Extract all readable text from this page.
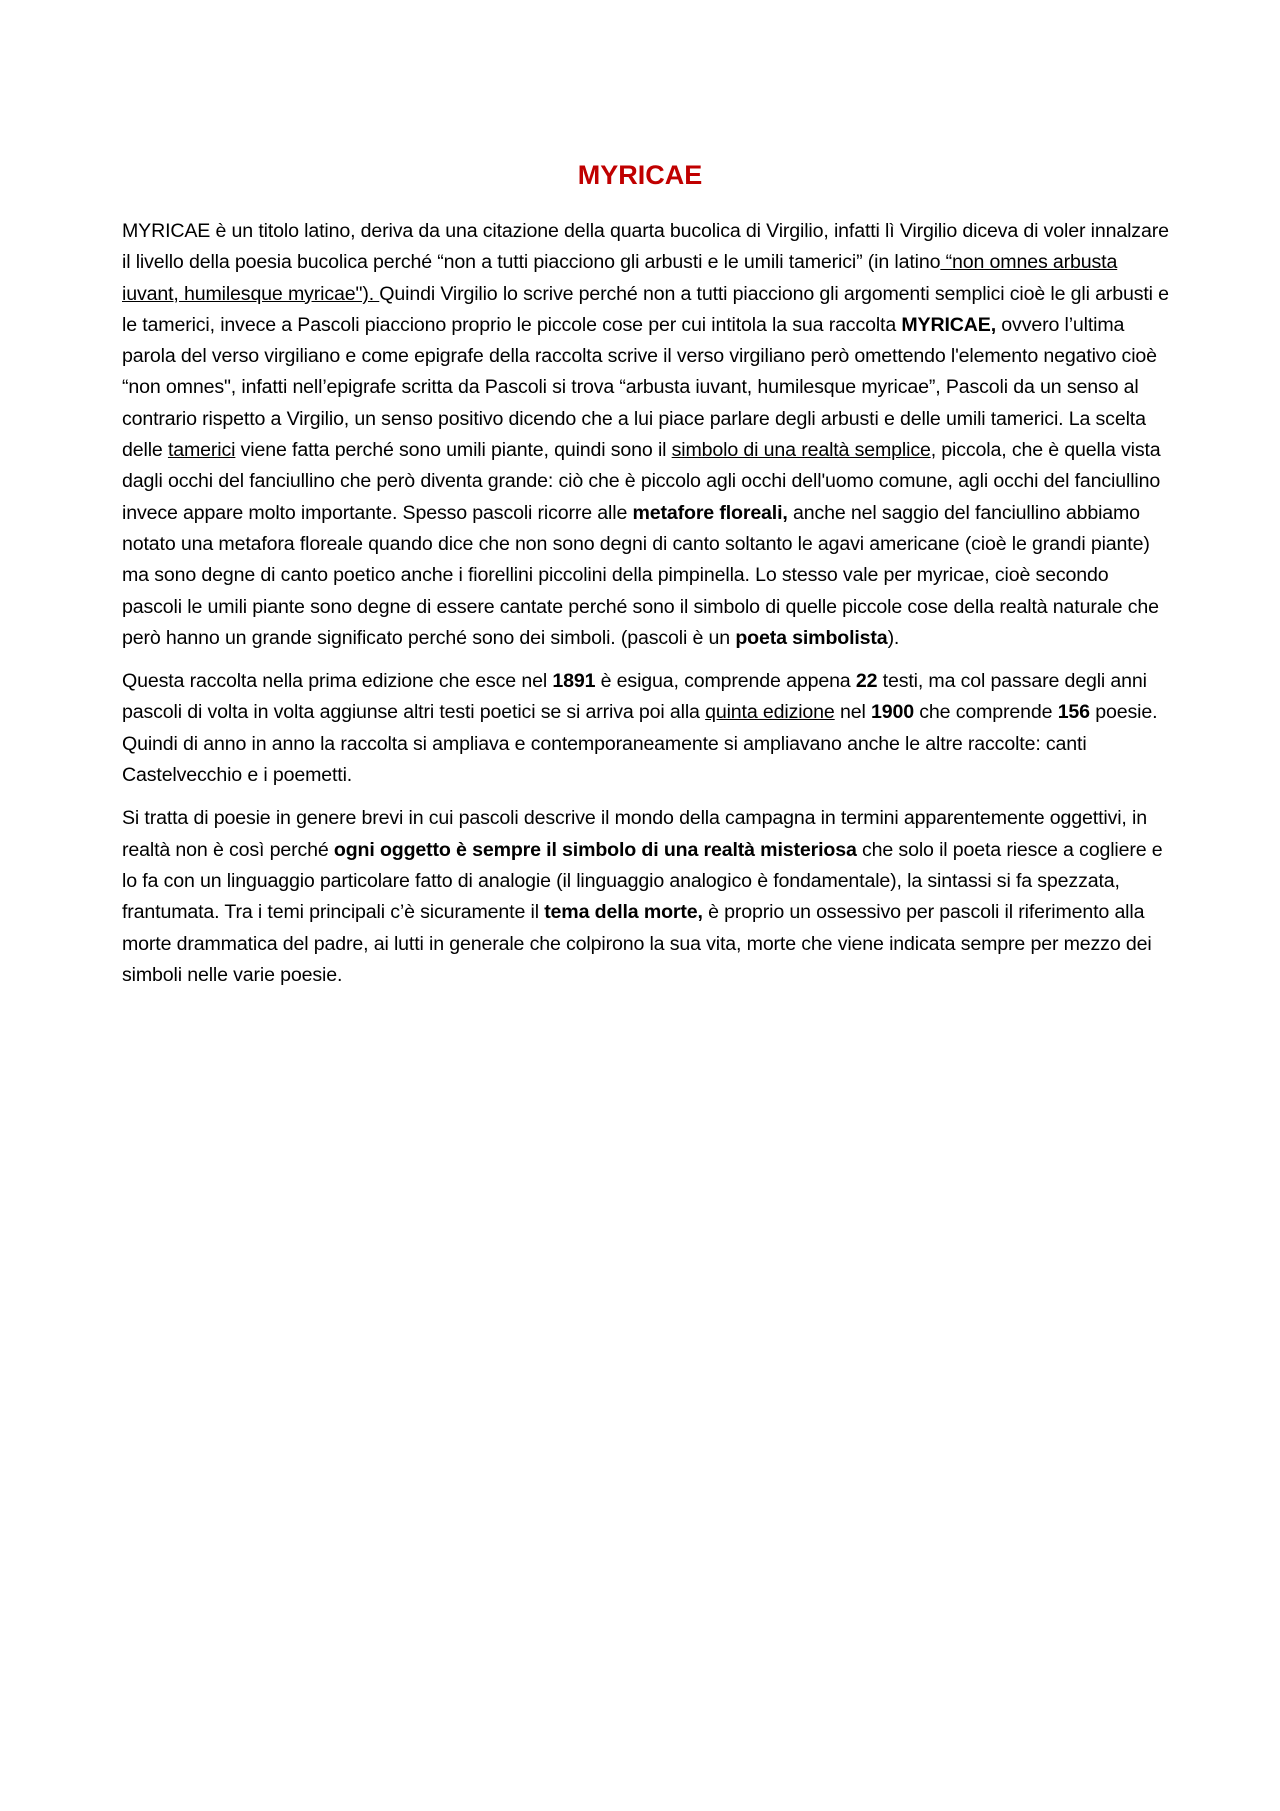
MYRICAE

MYRICAE è un titolo latino, deriva da una citazione della quarta bucolica di Virgilio, infatti lì Virgilio diceva di voler innalzare il livello della poesia bucolica perché “non a tutti piacciono gli arbusti e le umili tamerici” (in latino “non omnes arbusta iuvant, humilesque myricae"). Quindi Virgilio lo scrive perché non a tutti piacciono gli argomenti semplici cioè le gli arbusti e le tamerici, invece a Pascoli piacciono proprio le piccole cose per cui intitola la sua raccolta MYRICAE, ovvero l’ultima parola del verso virgiliano e come epigrafe della raccolta scrive il verso virgiliano però omettendo l'elemento negativo cioè “non omnes", infatti nell’epigrafe scritta da Pascoli si trova “arbusta iuvant, humilesque myricae”, Pascoli da un senso al contrario rispetto a Virgilio, un senso positivo dicendo che a lui piace parlare degli arbusti e delle umili tamerici. La scelta delle tamerici viene fatta perché sono umili piante, quindi sono il simbolo di una realtà semplice, piccola, che è quella vista dagli occhi del fanciullino che però diventa grande: ciò che è piccolo agli occhi dell'uomo comune, agli occhi del fanciullino invece appare molto importante. Spesso pascoli ricorre alle metafore floreali, anche nel saggio del fanciullino abbiamo notato una metafora floreale quando dice che non sono degni di canto soltanto le agavi americane (cioè le grandi piante) ma sono degne di canto poetico anche i fiorellini piccolini della pimpinella. Lo stesso vale per myricae, cioè secondo pascoli le umili piante sono degne di essere cantate perché sono il simbolo di quelle piccole cose della realtà naturale che però hanno un grande significato perché sono dei simboli. (pascoli è un poeta simbolista).

Questa raccolta nella prima edizione che esce nel 1891 è esigua, comprende appena 22 testi, ma col passare degli anni pascoli di volta in volta aggiunse altri testi poetici se si arriva poi alla quinta edizione nel 1900 che comprende 156 poesie. Quindi di anno in anno la raccolta si ampliava e contemporaneamente si ampliavano anche le altre raccolte: canti Castelvecchio e i poemetti.

Si tratta di poesie in genere brevi in cui pascoli descrive il mondo della campagna in termini apparentemente oggettivi, in realtà non è così perché ogni oggetto è sempre il simbolo di una realtà misteriosa che solo il poeta riesce a cogliere e lo fa con un linguaggio particolare fatto di analogie (il linguaggio analogico è fondamentale), la sintassi si fa spezzata, frantumata. Tra i temi principali c’è sicuramente il tema della morte, è proprio un ossessivo per pascoli il riferimento alla morte drammatica del padre, ai lutti in generale che colpirono la sua vita, morte che viene indicata sempre per mezzo dei simboli nelle varie poesie.
